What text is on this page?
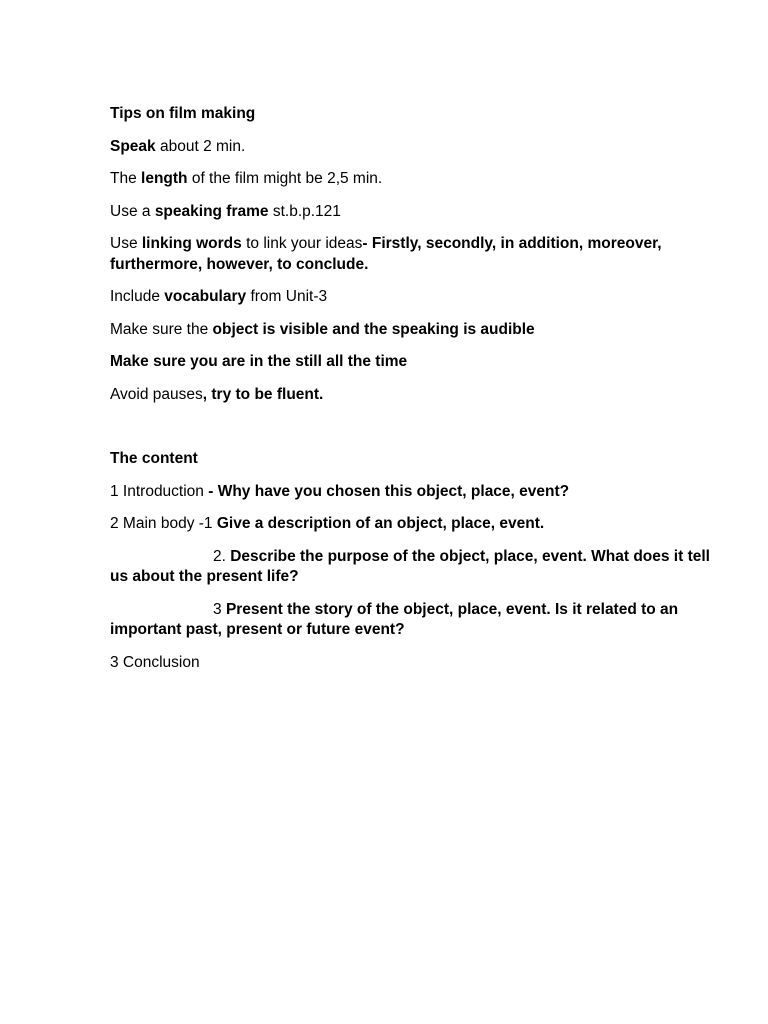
Tips on film making

Speak about 2 min.

The length of the film might be 2,5 min.

Use a speaking frame st.b.p.121

Use linking words to link your ideas- Firstly, secondly, in addition, moreover, furthermore, however, to conclude.

Include vocabulary from Unit-3

Make sure the object is visible and the speaking is audible

Make sure you are in the still all the time

Avoid pauses, try to be fluent.

The content

1 Introduction - Why have you chosen this object, place, event?

2 Main body -1 Give a description of an object, place, event.

2. Describe the purpose of the object, place, event. What does it tell us about the present life?

3 Present the story of the object, place, event. Is it related to an important past, present or future event?

3 Conclusion
